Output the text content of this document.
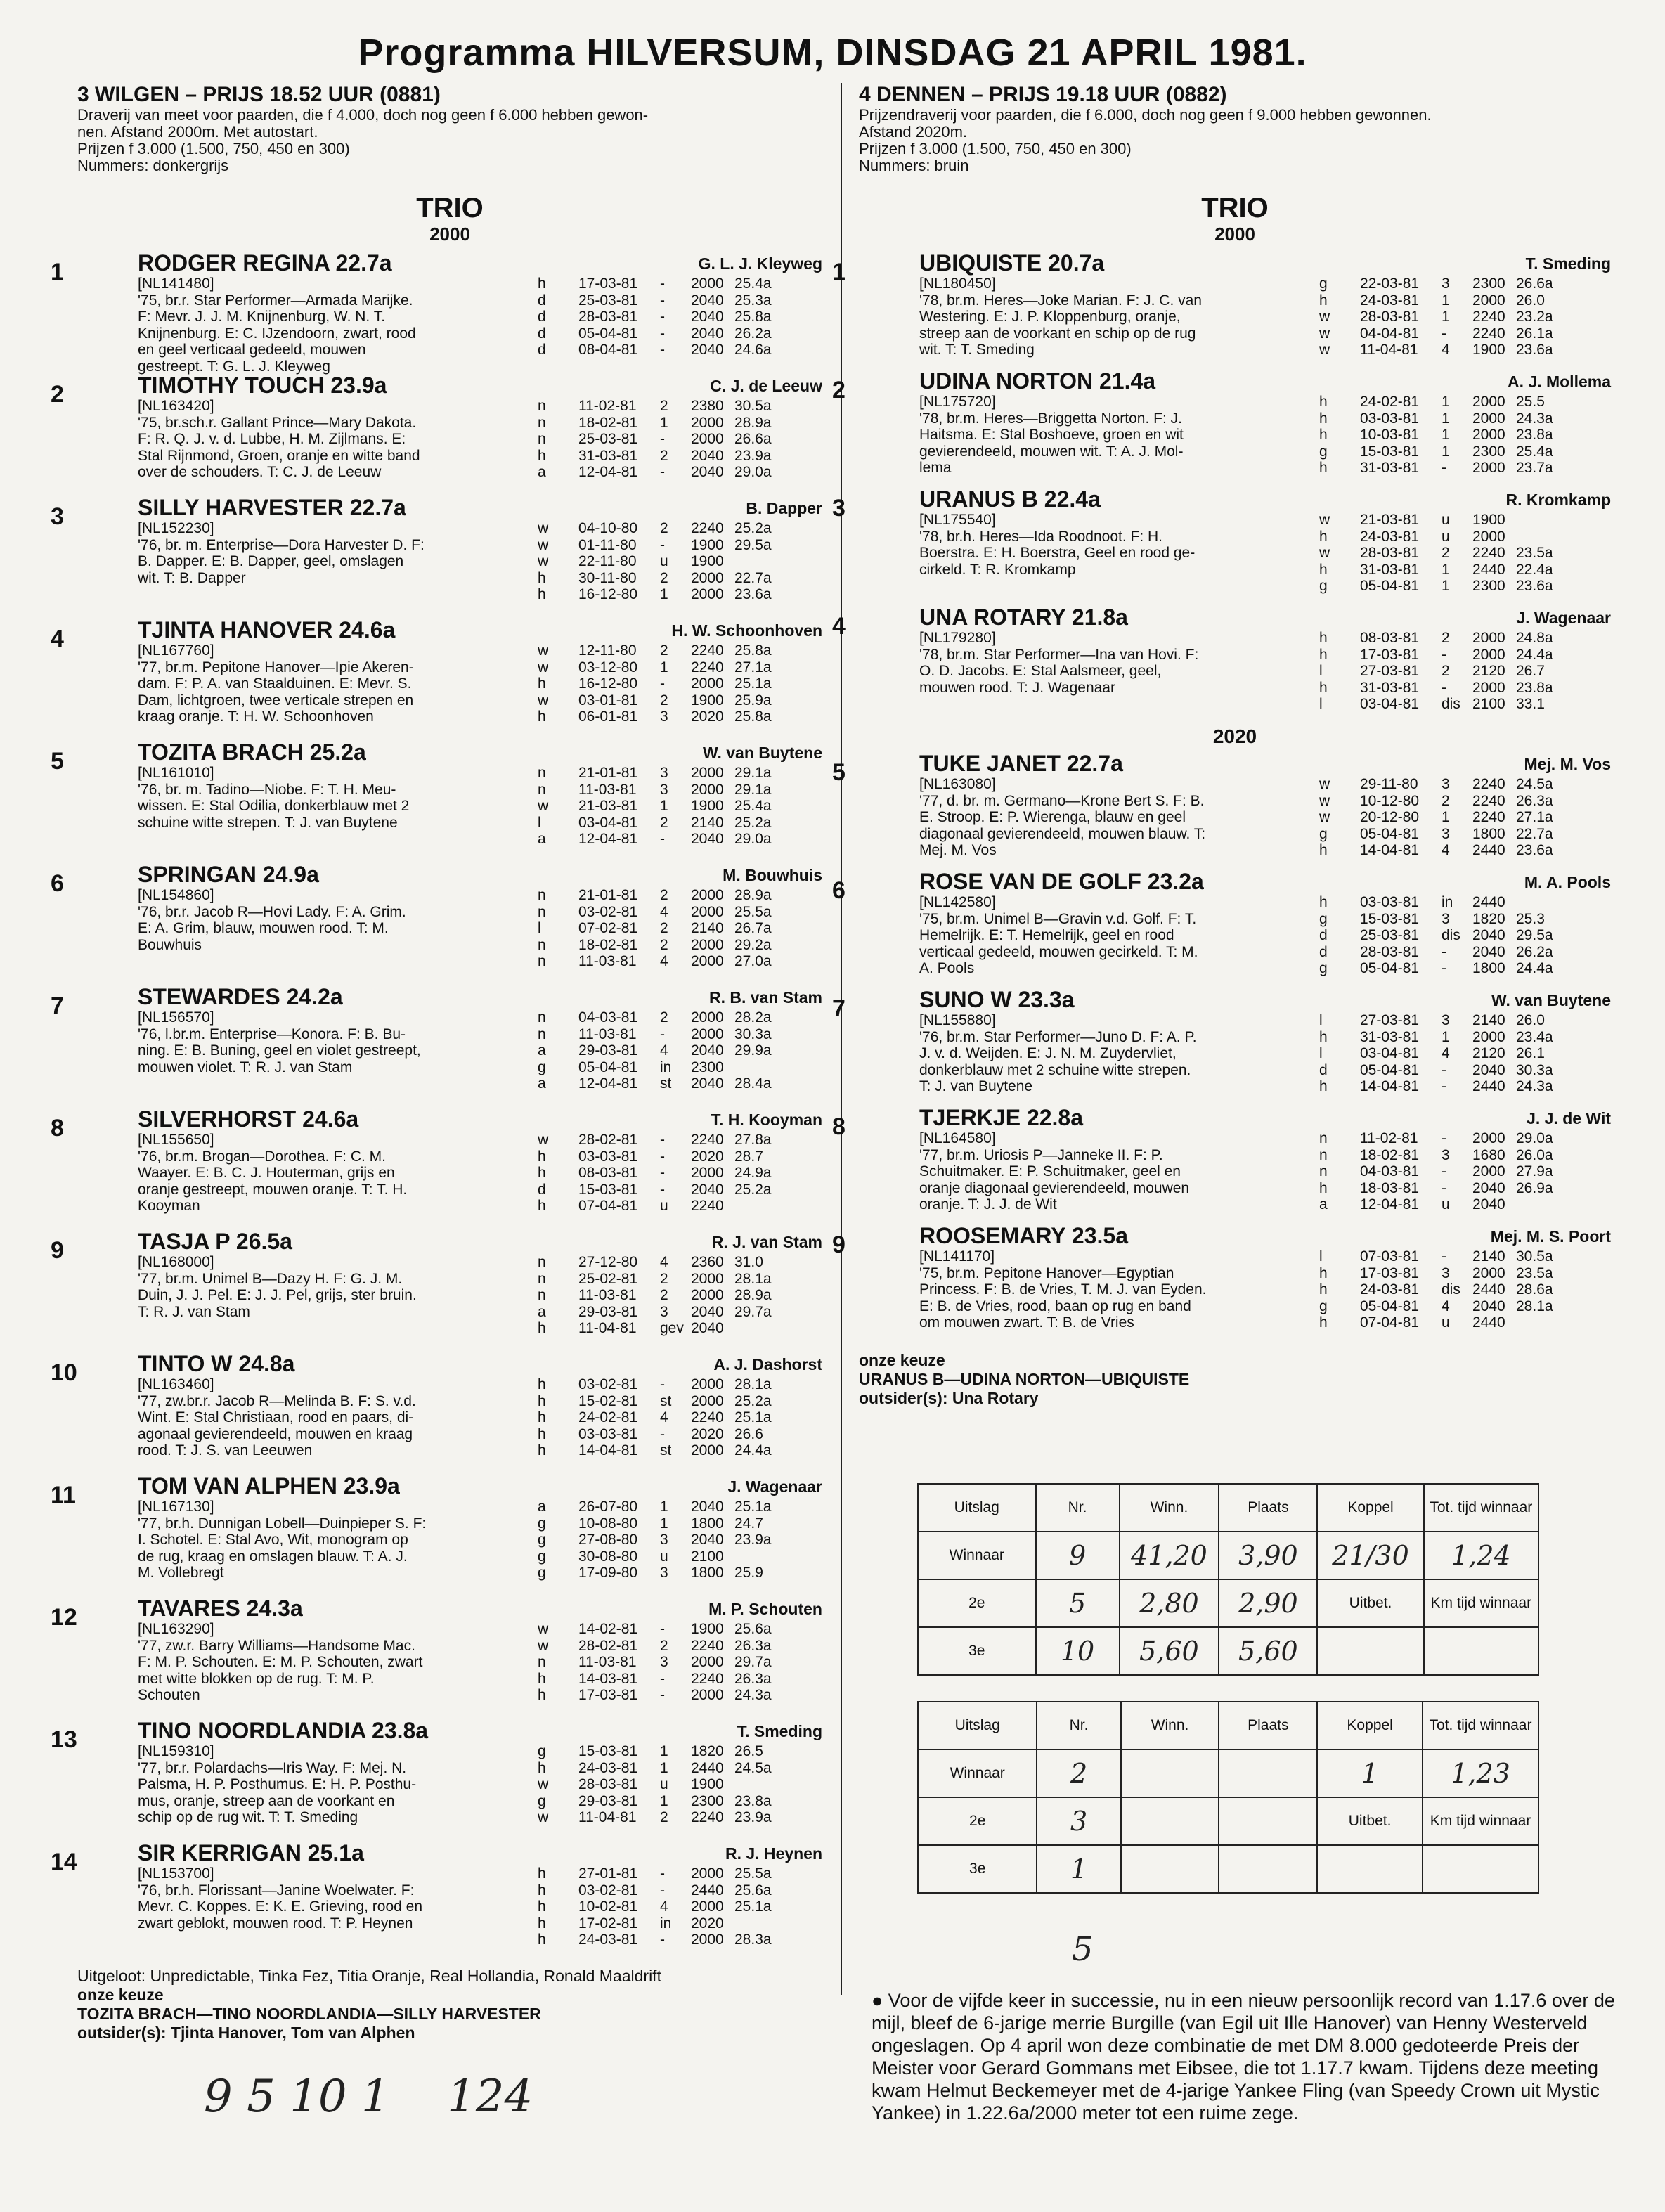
Programma HILVERSUM, DINSDAG 21 APRIL 1981.
3 WILGEN – PRIJS 18.52 UUR (0881)
Draverij van meet voor paarden, die f 4.000, doch nog geen f 6.000 hebben gewon-
nen. Afstand 2000m. Met autostart.
Prijzen f 3.000 (1.500, 750, 450 en 300)
Nummers: donkergrijs
TRIO
2000
1	RODGER REGINA 22.7a	G. L. J. Kleyweg
[NL141480]
'75, br.r. Star Performer—Armada Marijke.
F: Mevr. J. J. M. Knijnenburg, W. N. T.
Knijnenburg. E: C. IJzendoorn, zwart, rood
en geel verticaal gedeeld, mouwen
gestreept. T: G. L. J. Kleyweg
h	17-03-81	-	2000 25.4a
d	25-03-81	-	2040 25.3a
d	28-03-81	-	2040 25.8a
d	05-04-81	-	2040 26.2a
d	08-04-81	-	2040 24.6a
2	TIMOTHY TOUCH 23.9a	C. J. de Leeuw
[NL163420]
'75, br.sch.r. Gallant Prince—Mary Dakota.
F: R. Q. J. v. d. Lubbe, H. M. Zijlmans. E:
Stal Rijnmond, Groen, oranje en witte band
over de schouders. T: C. J. de Leeuw
n	11-02-81	2	2380 30.5a
n	18-02-81	1	2000 28.9a
n	25-03-81	-	2000 26.6a
h	31-03-81	2	2040 23.9a
a	12-04-81	-	2040 29.0a
3	SILLY HARVESTER 22.7a	B. Dapper
[NL152230]
'76, br. m. Enterprise—Dora Harvester D. F:
B. Dapper. E: B. Dapper, geel, omslagen
wit. T: B. Dapper
w	04-10-80	2	2240 25.2a
w	01-11-80	-	1900 29.5a
w	22-11-80	u	1900
h	30-11-80	2	2000 22.7a
h	16-12-80	1	2000 23.6a
4	TJINTA HANOVER 24.6a	H. W. Schoonhoven
[NL167760]
'77, br.m. Pepitone Hanover—Ipie Akeren-
dam. F: P. A. van Staalduinen. E: Mevr. S.
Dam, lichtgroen, twee verticale strepen en
kraag oranje. T: H. W. Schoonhoven
w	12-11-80	2	2240 25.8a
w	03-12-80	1	2240 27.1a
h	16-12-80	-	2000 25.1a
w	03-01-81	2	1900 25.9a
h	06-01-81	3	2020 25.8a
5	TOZITA BRACH 25.2a	W. van Buytene
[NL161010]
'76, br. m. Tadino—Niobe. F: T. H. Meu-
wissen. E: Stal Odilia, donkerblauw met 2
schuine witte strepen. T: J. van Buytene
n	21-01-81	3	2000 29.1a
n	11-03-81	3	2000 29.1a
w	21-03-81	1	1900 25.4a
l	03-04-81	2	2140 25.2a
a	12-04-81	-	2040 29.0a
6	SPRINGAN 24.9a	M. Bouwhuis
[NL154860]
'76, br.r. Jacob R—Hovi Lady. F: A. Grim.
E: A. Grim, blauw, mouwen rood. T: M.
Bouwhuis
n	21-01-81	2	2000 28.9a
n	03-02-81	4	2000 25.5a
l	07-02-81	2	2140 26.7a
n	18-02-81	2	2000 29.2a
n	11-03-81	4	2000 27.0a
7	STEWARDES 24.2a	R. B. van Stam
[NL156570]
'76, l.br.m. Enterprise—Konora. F: B. Bu-
ning. E: B. Buning, geel en violet gestreept,
mouwen violet. T: R. J. van Stam
n	04-03-81	2	2000 28.2a
n	11-03-81	-	2000 30.3a
a	29-03-81	4	2040 29.9a
g	05-04-81	in	2300
a	12-04-81	st	2040 28.4a
8	SILVERHORST 24.6a	T. H. Kooyman
[NL155650]
'76, br.m. Brogan—Dorothea. F: C. M.
Waayer. E: B. C. J. Houterman, grijs en
oranje gestreept, mouwen oranje. T: T. H.
Kooyman
w	28-02-81	-	2240 27.8a
h	03-03-81	-	2020 28.7
h	08-03-81	-	2000 24.9a
d	15-03-81	-	2040 25.2a
h	07-04-81	u	2240
9	TASJA P 26.5a	R. J. van Stam
[NL168000]
'77, br.m. Unimel B—Dazy H. F: G. J. M.
Duin, J. J. Pel. E: J. J. Pel, grijs, ster bruin.
T: R. J. van Stam
n	27-12-80	4	2360 31.0
n	25-02-81	2	2000 28.1a
n	11-03-81	2	2000 28.9a
a	29-03-81	3	2040 29.7a
h	11-04-81	gev 2040
10	TINTO W 24.8a	A. J. Dashorst
[NL163460]
'77, zw.br.r. Jacob R—Melinda B. F: S. v.d.
Wint. E: Stal Christiaan, rood en paars, di-
agonaal gevierendeeld, mouwen en kraag
rood. T: J. S. van Leeuwen
h	03-02-81	-	2000 28.1a
h	15-02-81	st	2000 25.2a
h	24-02-81	4	2240 25.1a
h	03-03-81	-	2020 26.6
h	14-04-81	st	2000 24.4a
11	TOM VAN ALPHEN 23.9a	J. Wagenaar
[NL167130]
'77, br.h. Dunnigan Lobell—Duinpieper S. F:
I. Schotel. E: Stal Avo, Wit, monogram op
de rug, kraag en omslagen blauw. T: A. J.
M. Vollebregt
a	26-07-80	1	2040 25.1a
g	10-08-80	1	1800 24.7
g	27-08-80	3	2040 23.9a
g	30-08-80	u	2100
g	17-09-80	3	1800 25.9
12	TAVARES 24.3a	M. P. Schouten
[NL163290]
'77, zw.r. Barry Williams—Handsome Mac.
F: M. P. Schouten. E: M. P. Schouten, zwart
met witte blokken op de rug. T: M. P.
Schouten
w	14-02-81	-	1900 25.6a
w	28-02-81	2	2240 26.3a
n	11-03-81	3	2000 29.7a
h	14-03-81	-	2240 26.3a
h	17-03-81	-	2000 24.3a
13	TINO NOORDLANDIA 23.8a	T. Smeding
[NL159310]
'77, br.r. Polardachs—Iris Way. F: Mej. N.
Palsma, H. P. Posthumus. E: H. P. Posthu-
mus, oranje, streep aan de voorkant en
schip op de rug wit. T: T. Smeding
g	15-03-81	1	1820 26.5
h	24-03-81	1	2440 24.5a
w	28-03-81	u	1900
g	29-03-81	1	2300 23.8a
w	11-04-81	2	2240 23.9a
14	SIR KERRIGAN 25.1a	R. J. Heynen
[NL153700]
'76, br.h. Florissant—Janine Woelwater. F:
Mevr. C. Koppes. E: K. E. Grieving, rood en
zwart geblokt, mouwen rood. T: P. Heynen
h	27-01-81	-	2000 25.5a
h	03-02-81	-	2440 25.6a
h	10-02-81	4	2000 25.1a
h	17-02-81	in	2020
h	24-03-81	-	2000 28.3a
Uitgeloot: Unpredictable, Tinka Fez, Titia Oranje, Real Hollandia, Ronald Maaldrift
onze keuze
TOZITA BRACH—TINO NOORDLANDIA—SILLY HARVESTER
outsider(s): Tjinta Hanover, Tom van Alphen
9 5 10 1    124
4 DENNEN – PRIJS 19.18 UUR (0882)
Prijzendraverij voor paarden, die f 6.000, doch nog geen f 9.000 hebben gewonnen.
Afstand 2020m.
Prijzen f 3.000 (1.500, 750, 450 en 300)
Nummers: bruin
TRIO
2000
1	UBIQUISTE 20.7a	T. Smeding
[NL180450]
'78, br.m. Heres—Joke Marian. F: J. C. van
Westering. E: J. P. Kloppenburg, oranje,
streep aan de voorkant en schip op de rug
wit. T: T. Smeding
g	22-03-81	3	2300 26.6a
h	24-03-81	1	2000 26.0
w	28-03-81	1	2240 23.2a
w	04-04-81	-	2240 26.1a
w	11-04-81	4	1900 23.6a
2	UDINA NORTON 21.4a	A. J. Mollema
[NL175720]
'78, br.m. Heres—Briggetta Norton. F: J.
Haitsma. E: Stal Boshoeve, groen en wit
gevierendeeld, mouwen wit. T: A. J. Mol-
lema
h	24-02-81	1	2000 25.5
h	03-03-81	1	2000 24.3a
h	10-03-81	1	2000 23.8a
g	15-03-81	1	2300 25.4a
h	31-03-81	-	2000 23.7a
3	URANUS B 22.4a	R. Kromkamp
[NL175540]
'78, br.h. Heres—Ida Roodnoot. F: H.
Boerstra. E: H. Boerstra, Geel en rood ge-
cirkeld. T: R. Kromkamp
w	21-03-81	u	1900
h	24-03-81	u	2000
w	28-03-81	2	2240 23.5a
h	31-03-81	1	2440 22.4a
g	05-04-81	1	2300 23.6a
4	UNA ROTARY 21.8a	J. Wagenaar
[NL179280]
'78, br.m. Star Performer—Ina van Hovi. F:
O. D. Jacobs. E: Stal Aalsmeer, geel,
mouwen rood. T: J. Wagenaar
h	08-03-81	2	2000 24.8a
h	17-03-81	-	2000 24.4a
l	27-03-81	2	2120 26.7
h	31-03-81	-	2000 23.8a
l	03-04-81	dis 2100 33.1
2020
5	TUKE JANET 22.7a	Mej. M. Vos
[NL163080]
'77, d. br. m. Germano—Krone Bert S. F: B.
E. Stroop. E: P. Wierenga, blauw en geel
diagonaal gevierendeeld, mouwen blauw. T:
Mej. M. Vos
w	29-11-80	3	2240 24.5a
w	10-12-80	2	2240 26.3a
w	20-12-80	1	2240 27.1a
g	05-04-81	3	1800 22.7a
h	14-04-81	4	2440 23.6a
6	ROSE VAN DE GOLF 23.2a	M. A. Pools
[NL142580]
'75, br.m. Unimel B—Gravin v.d. Golf. F: T.
Hemelrijk. E: T. Hemelrijk, geel en rood
verticaal gedeeld, mouwen gecirkeld. T: M.
A. Pools
h	03-03-81	in	2440
g	15-03-81	3	1820 25.3
d	25-03-81	dis 2040 29.5a
d	28-03-81	-	2040 26.2a
g	05-04-81	-	1800 24.4a
7	SUNO W 23.3a	W. van Buytene
[NL155880]
'76, br.m. Star Performer—Juno D. F: A. P.
J. v. d. Weijden. E: J. N. M. Zuydervliet,
donkerblauw met 2 schuine witte strepen.
T: J. van Buytene
l	27-03-81	3	2140 26.0
h	31-03-81	1	2000 23.4a
l	03-04-81	4	2120 26.1
d	05-04-81	-	2040 30.3a
h	14-04-81	-	2440 24.3a
8	TJERKJE 22.8a	J. J. de Wit
[NL164580]
'77, br.m. Uriosis P—Janneke II. F: P.
Schuitmaker. E: P. Schuitmaker, geel en
oranje diagonaal gevierendeeld, mouwen
oranje. T: J. J. de Wit
n	11-02-81	-	2000 29.0a
n	18-02-81	3	1680 26.0a
n	04-03-81	-	2000 27.9a
h	18-03-81	-	2040 26.9a
a	12-04-81	u	2040
9	ROOSEMARY 23.5a	Mej. M. S. Poort
[NL141170]
'75, br.m. Pepitone Hanover—Egyptian
Princess. F: B. de Vries, T. M. J. van Eyden.
E: B. de Vries, rood, baan op rug en band
om mouwen zwart. T: B. de Vries
l	07-03-81	-	2140 30.5a
h	17-03-81	3	2000 23.5a
h	24-03-81	dis 2440 28.6a
g	05-04-81	4	2040 28.1a
h	07-04-81	u	2440
onze keuze
URANUS B—UDINA NORTON—UBIQUISTE
outsider(s): Una Rotary
Uitslag	Nr.	Winn.	Plaats	Koppel	Tot. tijd winnaar
Winnaar	9	41,20	3,90	21/30	1,24
2e	5	2,80	2,90	Uitbet.	Km tijd winnaar
3e	10	5,60	5,60		
Uitslag	Nr.	Winn.	Plaats	Koppel	Tot. tijd winnaar
Winnaar	2			1	1,23
2e	3			Uitbet.	Km tijd winnaar
3e	1				
5
● Voor de vijfde keer in successie, nu in een nieuw persoonlijk record van 1.17.6 over de mijl, bleef de 6-jarige merrie Burgille (van Egil uit Ille Hanover) van Henny Westerveld ongeslagen. Op 4 april won deze combinatie de met DM 8.000 gedoteerde Preis der Meister voor Gerard Gommans met Eibsee, die tot 1.17.7 kwam. Tijdens deze meeting kwam Helmut Beckemeyer met de 4-jarige Yankee Fling (van Speedy Crown uit Mystic Yankee) in 1.22.6a/2000 meter tot een ruime zege.
